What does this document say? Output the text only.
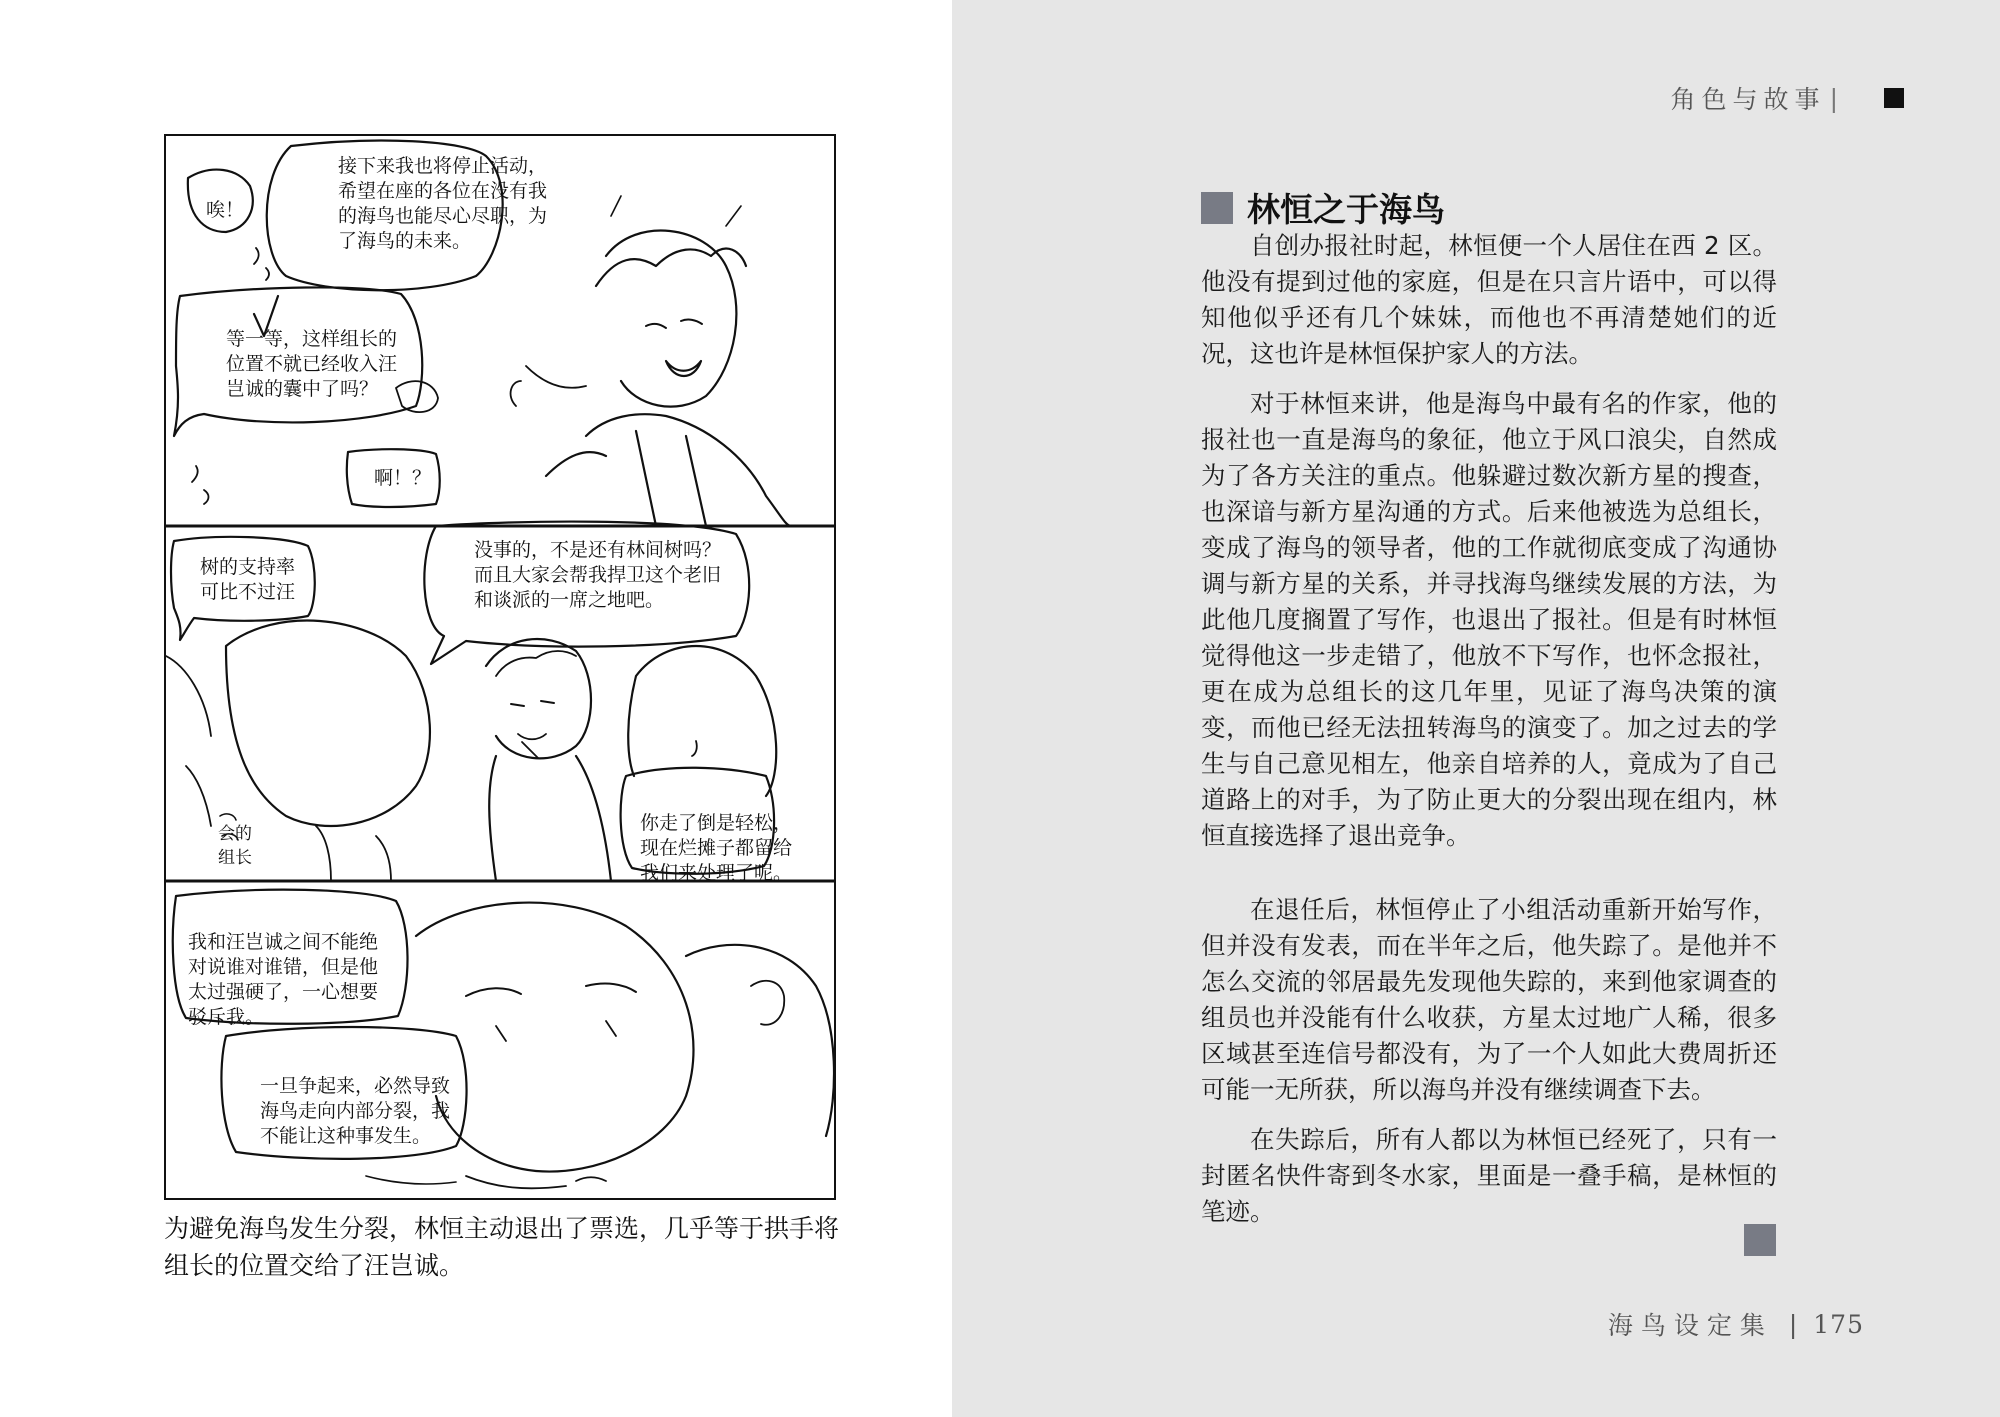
接下来我也将停止活动，
希望在座的各位在没有我
的海鸟也能尽心尽职，为
了海鸟的未来。
唉！
等一等，这样组长的
位置不就已经收入汪
岂诚的囊中了吗？
啊！？
树的支持率
可比不过汪
没事的，不是还有林间树吗？
而且大家会帮我捍卫这个老旧
和谈派的一席之地吧。
你走了倒是轻松，
现在烂摊子都留给
我们来处理了呢。
我和汪岂诚之间不能绝
对说谁对谁错，但是他
太过强硬了，一心想要
驳斥我。
一旦争起来，必然导致
海鸟走向内部分裂，我
不能让这种事发生。
会的
组长
为避免海鸟发生分裂，林恒主动退出了票选，几乎等于拱手将组长的位置交给了汪岂诚。
角色与故事 |
林恒之于海鸟

自创办报社时起，林恒便一个人居住在西 2 区。他没有提到过他的家庭，但是在只言片语中，可以得知他似乎还有几个妹妹，而他也不再清楚她们的近况，这也许是林恒保护家人的方法。

对于林恒来讲，他是海鸟中最有名的作家，他的报社也一直是海鸟的象征，他立于风口浪尖，自然成为了各方关注的重点。他躲避过数次新方星的搜查，也深谙与新方星沟通的方式。后来他被选为总组长，变成了海鸟的领导者，他的工作就彻底变成了沟通协调与新方星的关系，并寻找海鸟继续发展的方法，为此他几度搁置了写作，也退出了报社。但是有时林恒觉得他这一步走错了，他放不下写作，也怀念报社，更在成为总组长的这几年里，见证了海鸟决策的演变，而他已经无法扭转海鸟的演变了。加之过去的学生与自己意见相左，他亲自培养的人，竟成为了自己道路上的对手，为了防止更大的分裂出现在组内，林恒直接选择了退出竞争。

在退任后，林恒停止了小组活动重新开始写作，但并没有发表，而在半年之后，他失踪了。是他并不怎么交流的邻居最先发现他失踪的，来到他家调查的组员也并没能有什么收获，方星太过地广人稀，很多区域甚至连信号都没有，为了一个人如此大费周折还可能一无所获，所以海鸟并没有继续调查下去。

在失踪后，所有人都以为林恒已经死了，只有一封匿名快件寄到冬水家，里面是一叠手稿，是林恒的笔迹。

海鸟设定集 | 175
